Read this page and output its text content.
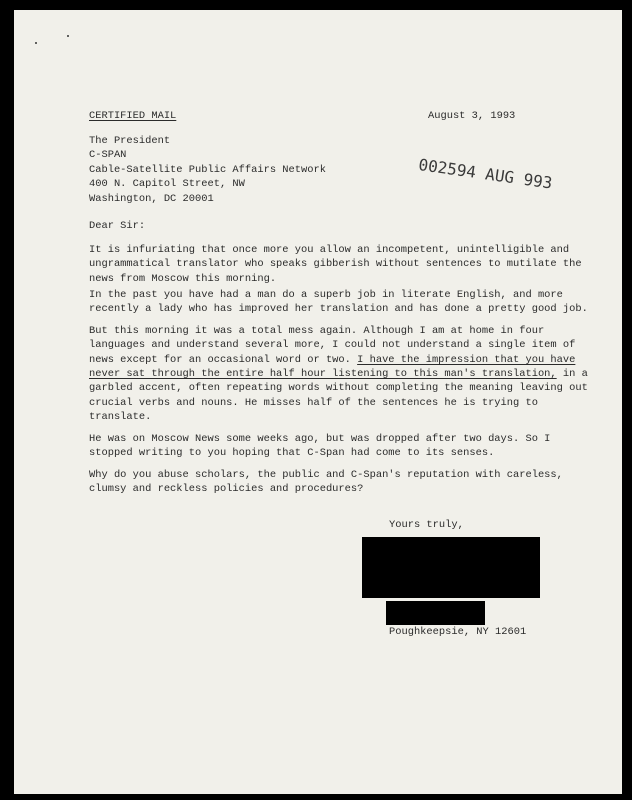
CERTIFIED MAIL	August 3, 1993
The President
C-SPAN
Cable-Satellite Public Affairs Network
400 N. Capitol Street, NW
Washington, DC 20001
002594 AUG 993
Dear Sir:
It is infuriating that once more you allow an incompetent, unintelligible and
ungrammatical translator who speaks gibberish without sentences to mutilate the
news from Moscow this morning.
In the past you have had a man do a superb job in literate English, and more
recently a lady who has improved her translation and has done a pretty good job.
But this morning it was a total mess again. Although I am at home in four
languages and understand several more, I could not understand a single item of
news except for an occasional word or two. I have the impression that you have
never sat through the entire half hour listening to this man's translation, in a
garbled accent, often repeating words without completing the meaning leaving out
crucial verbs and nouns. He misses half of the sentences he is trying to
translate.
He was on Moscow News some weeks ago, but was dropped after two days. So I
stopped writing to you hoping that C-Span had come to its senses.
Why do you abuse scholars, the public and C-Span's reputation with careless,
clumsy and reckless policies and procedures?
Yours truly,
Poughkeepsie, NY 12601
